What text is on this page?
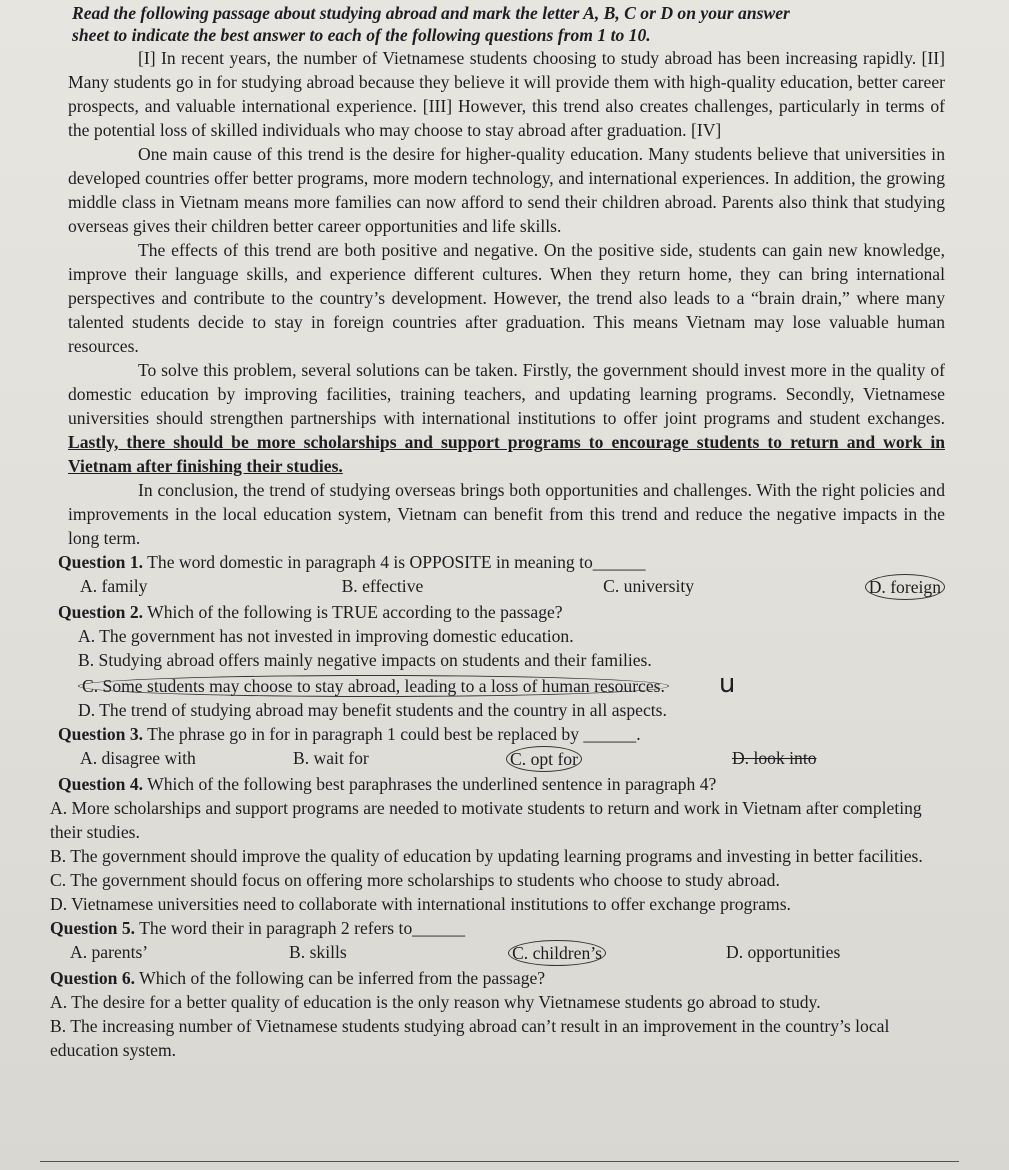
Read the following passage about studying abroad and mark the letter A, B, C or D on your answer
sheet to indicate the best answer to each of the following questions from 1 to 10.

[I] In recent years, the number of Vietnamese students choosing to study abroad has been increasing rapidly. [II] Many students go in for studying abroad because they believe it will provide them with high-quality education, better career prospects, and valuable international experience. [III] However, this trend also creates challenges, particularly in terms of the potential loss of skilled individuals who may choose to stay abroad after graduation. [IV]

One main cause of this trend is the desire for higher-quality education. Many students believe that universities in developed countries offer better programs, more modern technology, and international experiences. In addition, the growing middle class in Vietnam means more families can now afford to send their children abroad. Parents also think that studying overseas gives their children better career opportunities and life skills.

The effects of this trend are both positive and negative. On the positive side, students can gain new knowledge, improve their language skills, and experience different cultures. When they return home, they can bring international perspectives and contribute to the country’s development. However, the trend also leads to a “brain drain,” where many talented students decide to stay in foreign countries after graduation. This means Vietnam may lose valuable human resources.

To solve this problem, several solutions can be taken. Firstly, the government should invest more in the quality of domestic education by improving facilities, training teachers, and updating learning programs. Secondly, Vietnamese universities should strengthen partnerships with international institutions to offer joint programs and student exchanges. Lastly, there should be more scholarships and support programs to encourage students to return and work in Vietnam after finishing their studies.

In conclusion, the trend of studying overseas brings both opportunities and challenges. With the right policies and improvements in the local education system, Vietnam can benefit from this trend and reduce the negative impacts in the long term.

Question 1. The word domestic in paragraph 4 is OPPOSITE in meaning to______

A. family	B. effective	C. university	D. foreign

Question 2. Which of the following is TRUE according to the passage?

A. The government has not invested in improving domestic education.

B. Studying abroad offers mainly negative impacts on students and their families.

C. Some students may choose to stay abroad, leading to a loss of human resources. u

D. The trend of studying abroad may benefit students and the country in all aspects.

Question 3. The phrase go in for in paragraph 1 could best be replaced by ______.

A. disagree with	B. wait for	C. opt for	D. look into

Question 4. Which of the following best paraphrases the underlined sentence in paragraph 4?

A. More scholarships and support programs are needed to motivate students to return and work in Vietnam after completing their studies.

B. The government should improve the quality of education by updating learning programs and investing in better facilities.

C. The government should focus on offering more scholarships to students who choose to study abroad.

D. Vietnamese universities need to collaborate with international institutions to offer exchange programs.

Question 5. The word their in paragraph 2 refers to______

A. parents’	B. skills	C. children’s	D. opportunities

Question 6. Which of the following can be inferred from the passage?

A. The desire for a better quality of education is the only reason why Vietnamese students go abroad to study.

B. The increasing number of Vietnamese students studying abroad can’t result in an improvement in the country’s local education system.
